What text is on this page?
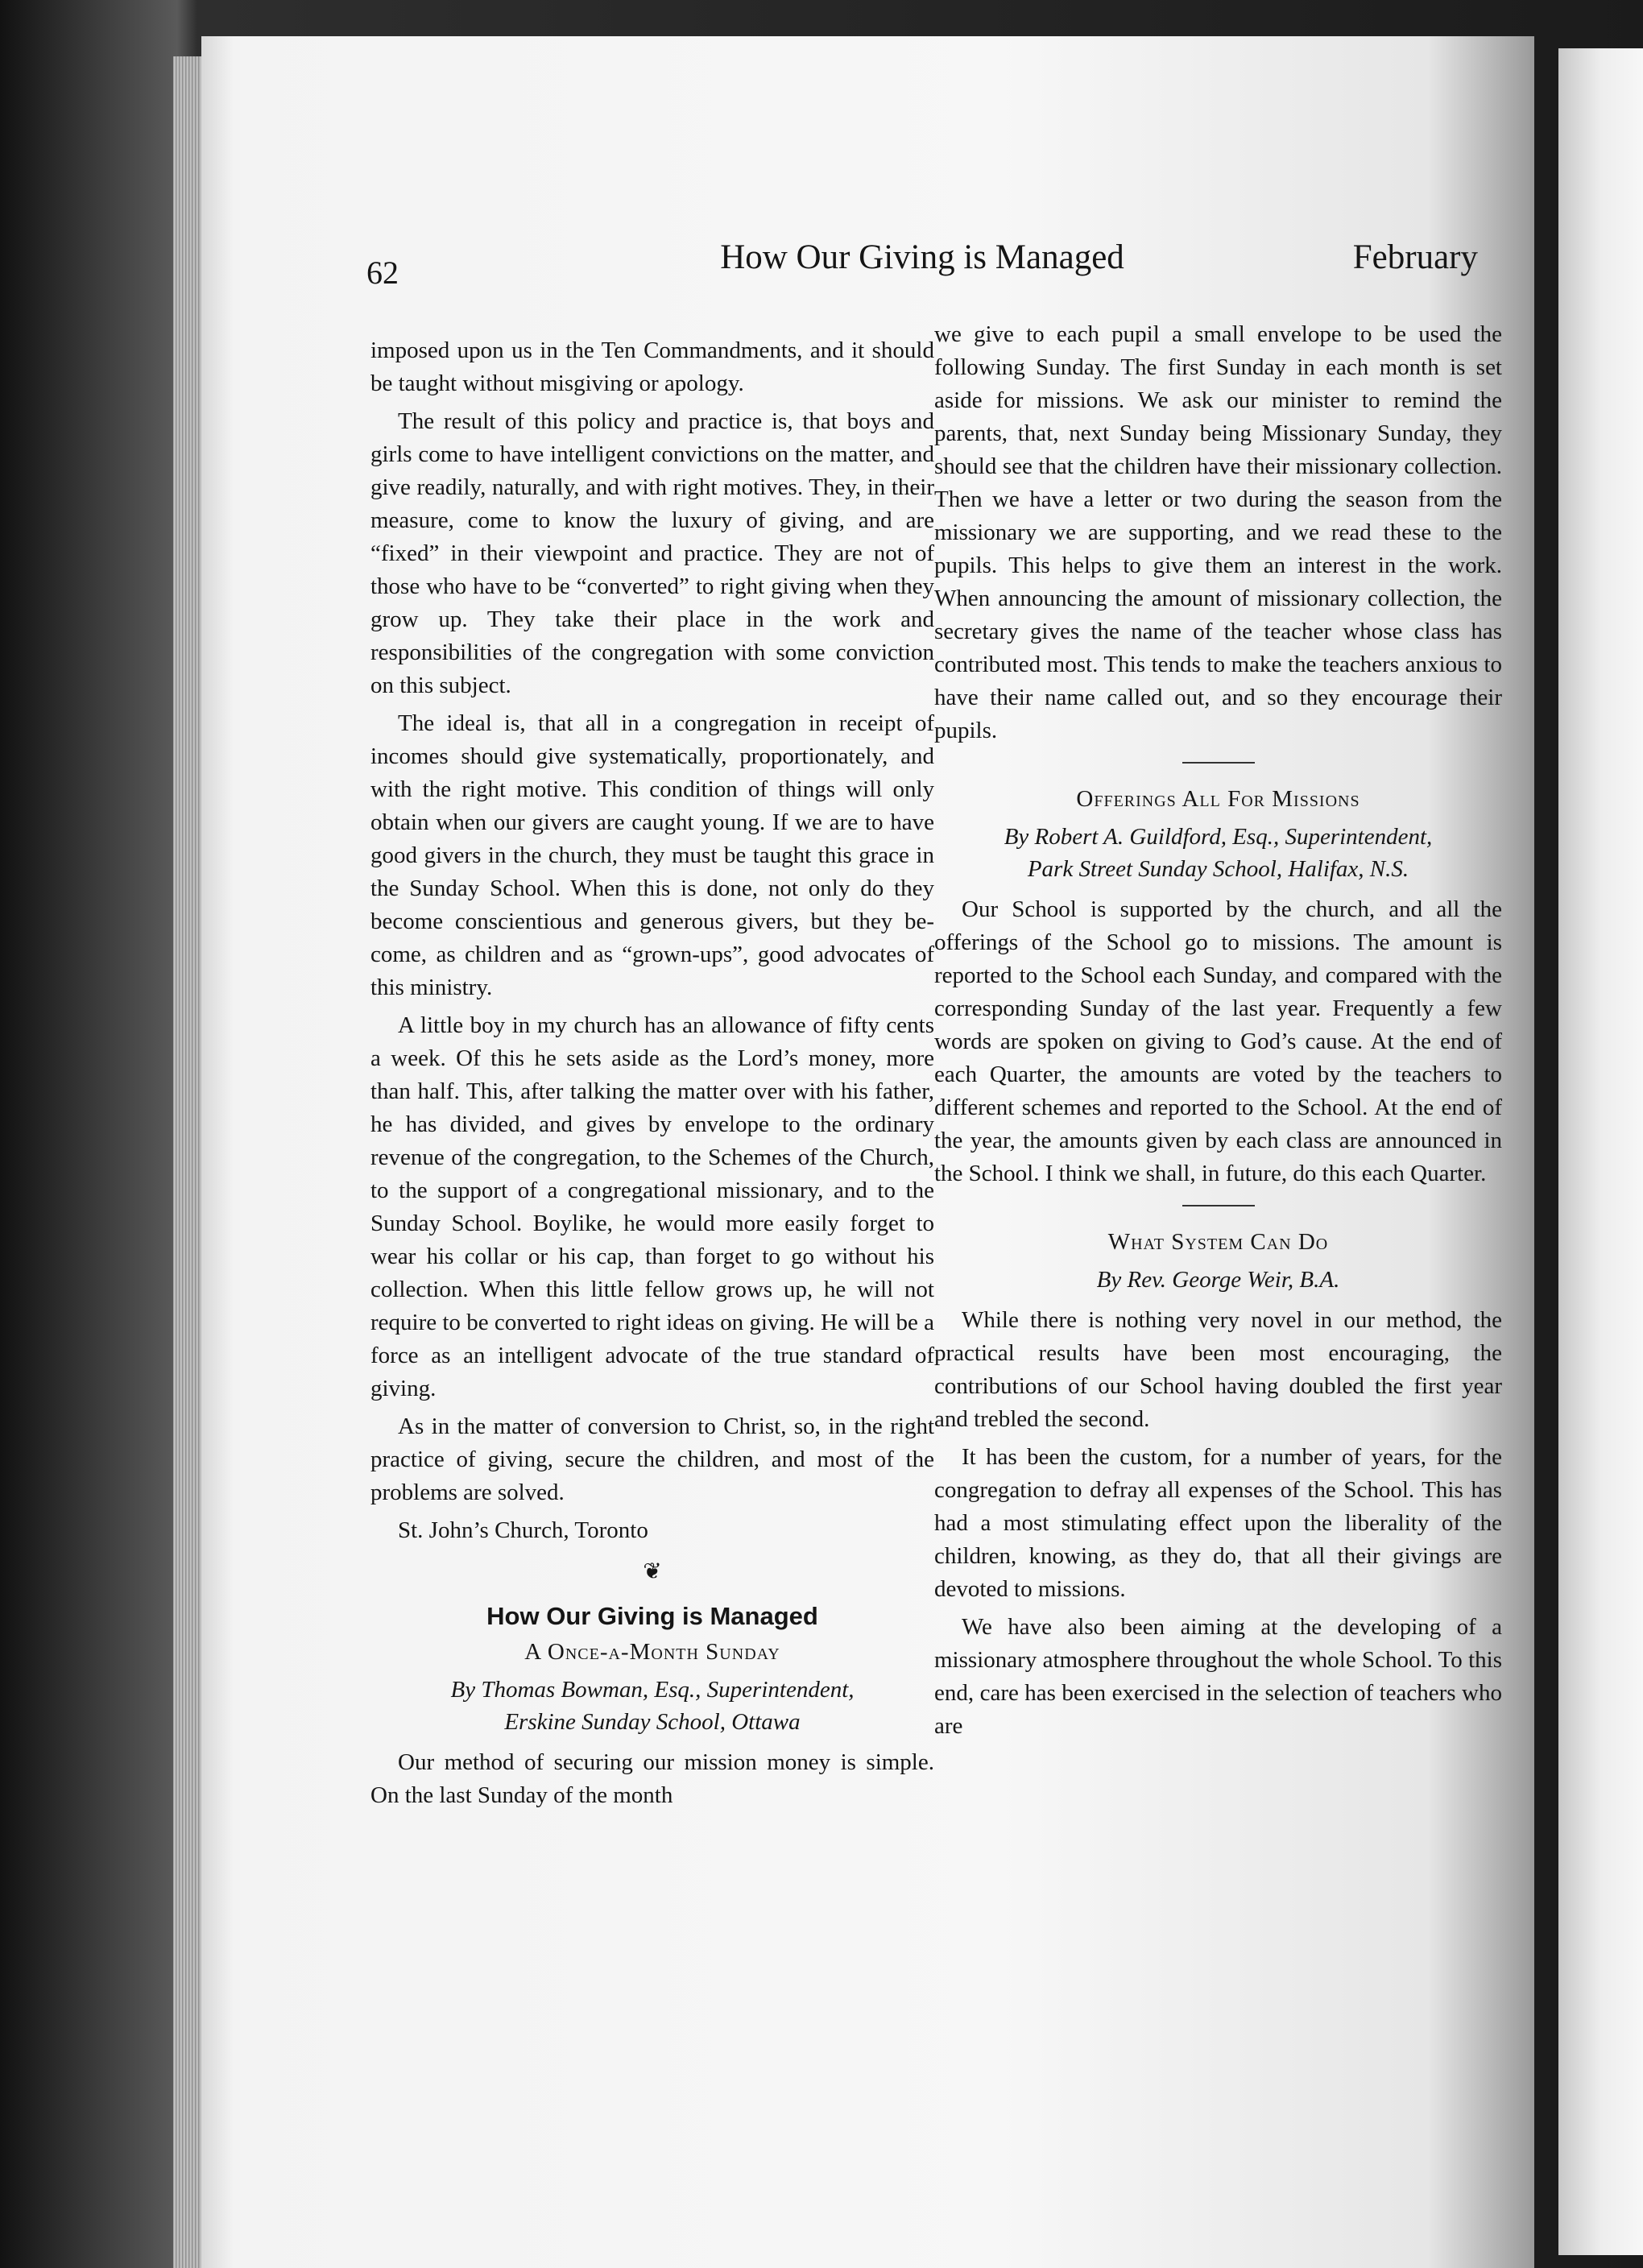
62	How Our Giving is Managed	February

imposed upon us in the Ten Commandments, and it should be taught without misgiving or apology.

The result of this policy and practice is, that boys and girls come to have intelligent convictions on the matter, and give readily, naturally, and with right motives. They, in their measure, come to know the luxury of giving, and are “fixed” in their viewpoint and practice. They are not of those who have to be “converted” to right giving when they grow up. They take their place in the work and responsibilities of the congregation with some conviction on this subject.

The ideal is, that all in a congregation in receipt of incomes should give systematically, proportionately, and with the right motive. This condition of things will only obtain when our givers are caught young. If we are to have good givers in the church, they must be taught this grace in the Sunday School. When this is done, not only do they become conscientious and generous givers, but they become, as children and as “grown-ups”, good advocates of this ministry.

A little boy in my church has an allowance of fifty cents a week. Of this he sets aside as the Lord’s money, more than half. This, after talking the matter over with his father, he has divided, and gives by envelope to the ordinary revenue of the congregation, to the Schemes of the Church, to the support of a congregational missionary, and to the Sunday School. Boylike, he would more easily forget to wear his collar or his cap, than forget to go without his collection. When this little fellow grows up, he will not require to be converted to right ideas on giving. He will be a force as an intelligent advocate of the true standard of giving.

As in the matter of conversion to Christ, so, in the right practice of giving, secure the children, and most of the problems are solved.

St. John’s Church, Toronto
❦
How Our Giving is Managed
A Once-a-Month Sunday
By Thomas Bowman, Esq., Superintendent,
Erskine Sunday School, Ottawa

Our method of securing our mission money is simple. On the last Sunday of the month

we give to each pupil a small envelope to be used the following Sunday. The first Sunday in each month is set aside for missions. We ask our minister to remind the parents, that, next Sunday being Missionary Sunday, they should see that the children have their missionary collection. Then we have a letter or two during the season from the missionary we are supporting, and we read these to the pupils. This helps to give them an interest in the work. When announcing the amount of missionary collection, the secretary gives the name of the teacher whose class has contributed most. This tends to make the teachers anxious to have their name called out, and so they encourage their pupils.

Offerings All For Missions
By Robert A. Guildford, Esq., Superintendent,
Park Street Sunday School, Halifax, N.S.

Our School is supported by the church, and all the offerings of the School go to missions. The amount is reported to the School each Sunday, and compared with the corresponding Sunday of the last year. Frequently a few words are spoken on giving to God’s cause. At the end of each Quarter, the amounts are voted by the teachers to different schemes and reported to the School. At the end of the year, the amounts given by each class are announced in the School. I think we shall, in future, do this each Quarter.

What System Can Do
By Rev. George Weir, B.A.

While there is nothing very novel in our method, the practical results have been most encouraging, the contributions of our School having doubled the first year and trebled the second.

It has been the custom, for a number of years, for the congregation to defray all expenses of the School. This has had a most stimulating effect upon the liberality of the children, knowing, as they do, that all their givings are devoted to missions.

We have also been aiming at the developing of a missionary atmosphere throughout the whole School. To this end, care has been exercised in the selection of teachers who are
